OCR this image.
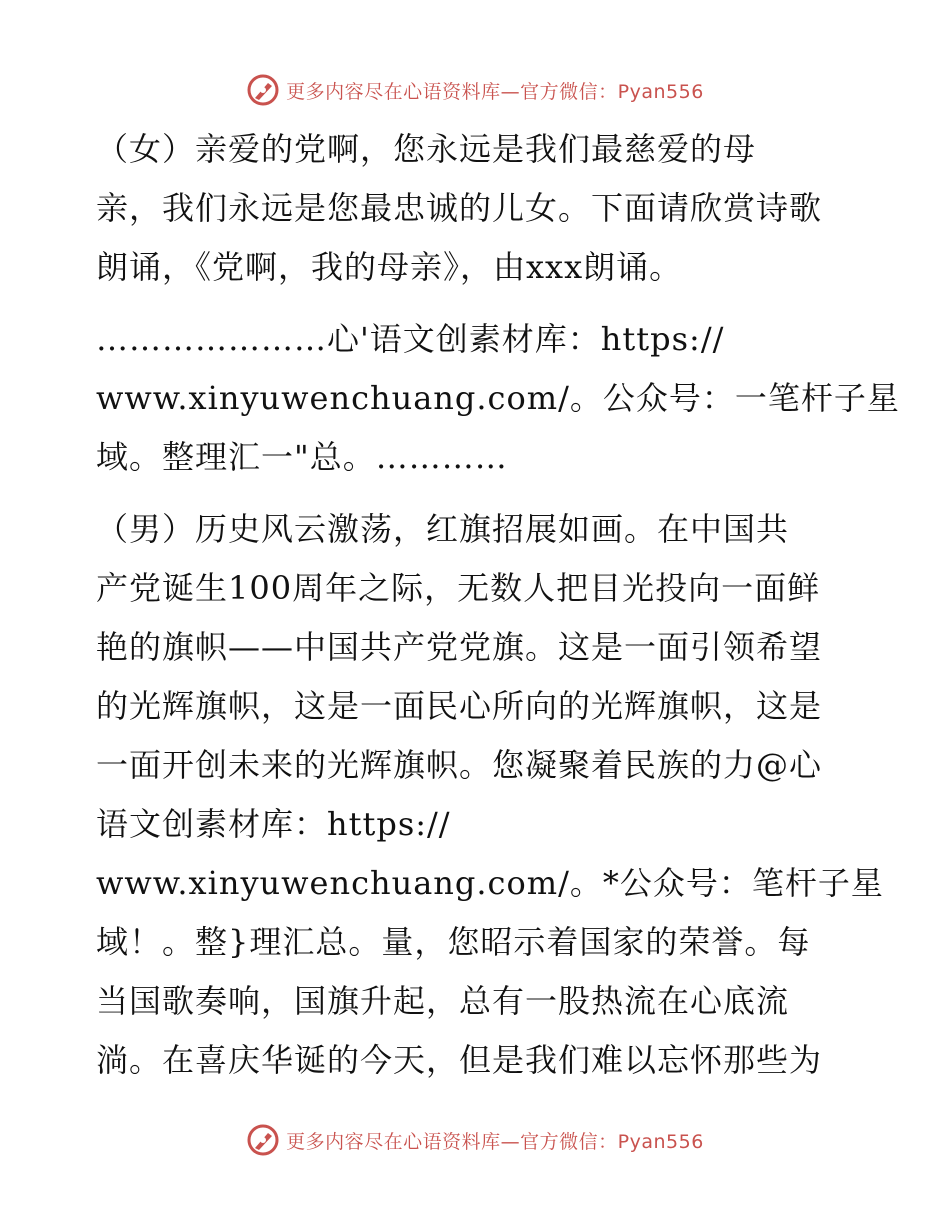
更多内容尽在心语资料库—官方微信：Pyan556

（女）亲爱的党啊，您永远是我们最慈爱的母
亲，我们永远是您最忠诚的儿女。下面请欣赏诗歌
朗诵，《党啊，我的母亲》，由xxx朗诵。

…………………心'语文创素材库：https://
www.xinyuwenchuang.com/。公众号：一笔杆子星
域。整理汇一"总。…………

（男）历史风云激荡，红旗招展如画。在中国共
产党诞生100周年之际，无数人把目光投向一面鲜
艳的旗帜——中国共产党党旗。这是一面引领希望
的光辉旗帜，这是一面民心所向的光辉旗帜，这是
一面开创未来的光辉旗帜。您凝聚着民族的力@心
语文创素材库：https://
www.xinyuwenchuang.com/。*公众号：笔杆子星
域！。整}理汇总。量，您昭示着国家的荣誉。每
当国歌奏响，国旗升起，总有一股热流在心底流
淌。在喜庆华诞的今天，但是我们难以忘怀那些为

更多内容尽在心语资料库—官方微信：Pyan556
